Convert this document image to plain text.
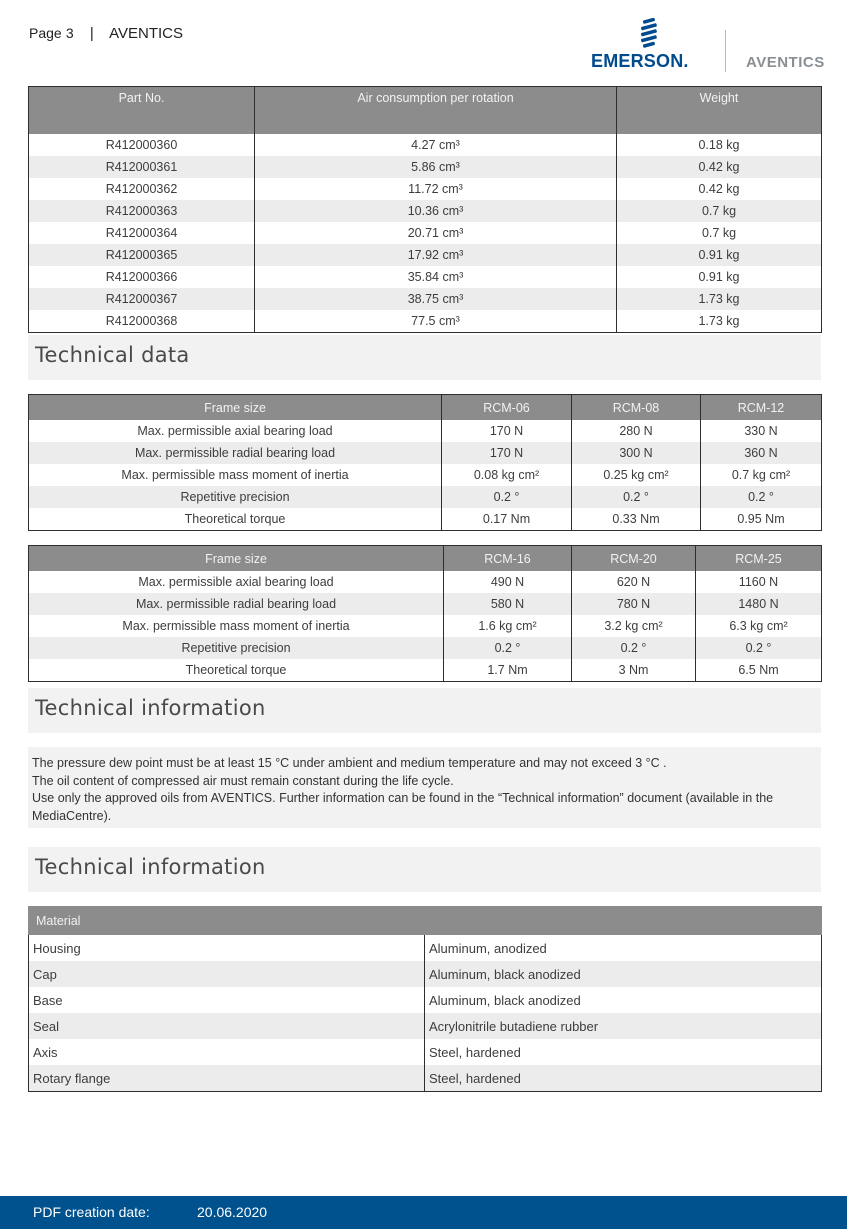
Page 3 | AVENTICS
EMERSON.	AVENTICS
Part No.	Air consumption per rotation	Weight
R412000360	4.27 cm³	0.18 kg
R412000361	5.86 cm³	0.42 kg
R412000362	11.72 cm³	0.42 kg
R412000363	10.36 cm³	0.7 kg
R412000364	20.71 cm³	0.7 kg
R412000365	17.92 cm³	0.91 kg
R412000366	35.84 cm³	0.91 kg
R412000367	38.75 cm³	1.73 kg
R412000368	77.5 cm³	1.73 kg
Technical data
Frame size	RCM-06	RCM-08	RCM-12
Max. permissible axial bearing load	170 N	280 N	330 N
Max. permissible radial bearing load	170 N	300 N	360 N
Max. permissible mass moment of inertia	0.08 kg cm²	0.25 kg cm²	0.7 kg cm²
Repetitive precision	0.2 °	0.2 °	0.2 °
Theoretical torque	0.17 Nm	0.33 Nm	0.95 Nm
Frame size	RCM-16	RCM-20	RCM-25
Max. permissible axial bearing load	490 N	620 N	1160 N
Max. permissible radial bearing load	580 N	780 N	1480 N
Max. permissible mass moment of inertia	1.6 kg cm²	3.2 kg cm²	6.3 kg cm²
Repetitive precision	0.2 °	0.2 °	0.2 °
Theoretical torque	1.7 Nm	3 Nm	6.5 Nm
Technical information

The pressure dew point must be at least 15 °C under ambient and medium temperature and may not exceed 3 °C .

The oil content of compressed air must remain constant during the life cycle.

Use only the approved oils from AVENTICS. Further information can be found in the “Technical information” document (available in the MediaCentre).

Technical information
Material	
Housing	Aluminum, anodized
Cap	Aluminum, black anodized
Base	Aluminum, black anodized
Seal	Acrylonitrile butadiene rubber
Axis	Steel, hardened
Rotary flange	Steel, hardened
PDF creation date:	20.06.2020
